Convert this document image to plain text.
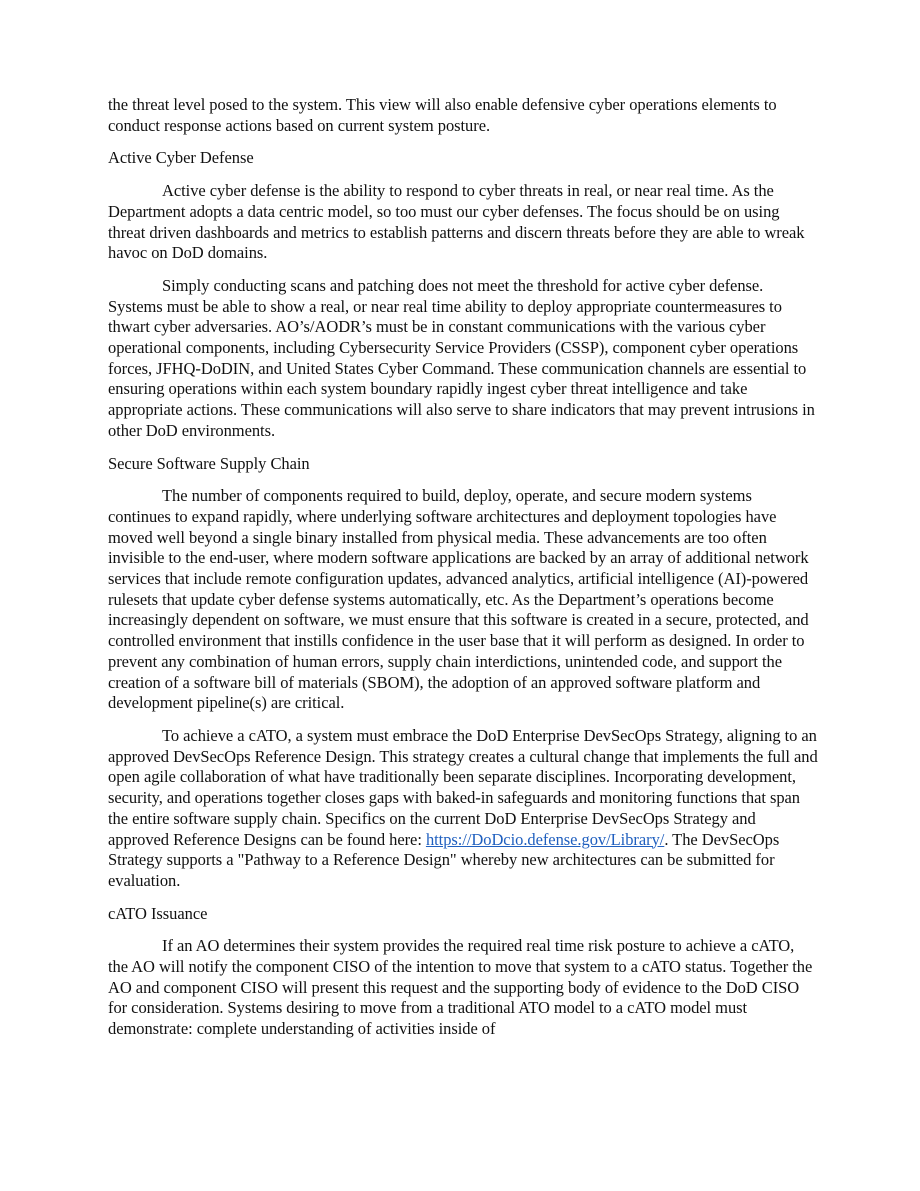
the threat level posed to the system. This view will also enable defensive cyber operations elements to conduct response actions based on current system posture.

Active Cyber Defense

Active cyber defense is the ability to respond to cyber threats in real, or near real time. As the Department adopts a data centric model, so too must our cyber defenses. The focus should be on using threat driven dashboards and metrics to establish patterns and discern threats before they are able to wreak havoc on DoD domains.

Simply conducting scans and patching does not meet the threshold for active cyber defense. Systems must be able to show a real, or near real time ability to deploy appropriate countermeasures to thwart cyber adversaries. AO’s/AODR’s must be in constant communications with the various cyber operational components, including Cybersecurity Service Providers (CSSP), component cyber operations forces, JFHQ-DoDIN, and United States Cyber Command. These communication channels are essential to ensuring operations within each system boundary rapidly ingest cyber threat intelligence and take appropriate actions. These communications will also serve to share indicators that may prevent intrusions in other DoD environments.

Secure Software Supply Chain

The number of components required to build, deploy, operate, and secure modern systems continues to expand rapidly, where underlying software architectures and deployment topologies have moved well beyond a single binary installed from physical media. These advancements are too often invisible to the end-user, where modern software applications are backed by an array of additional network services that include remote configuration updates, advanced analytics, artificial intelligence (AI)-powered rulesets that update cyber defense systems automatically, etc. As the Department’s operations become increasingly dependent on software, we must ensure that this software is created in a secure, protected, and controlled environment that instills confidence in the user base that it will perform as designed. In order to prevent any combination of human errors, supply chain interdictions, unintended code, and support the creation of a software bill of materials (SBOM), the adoption of an approved software platform and development pipeline(s) are critical.

To achieve a cATO, a system must embrace the DoD Enterprise DevSecOps Strategy, aligning to an approved DevSecOps Reference Design. This strategy creates a cultural change that implements the full and open agile collaboration of what have traditionally been separate disciplines. Incorporating development, security, and operations together closes gaps with baked-in safeguards and monitoring functions that span the entire software supply chain. Specifics on the current DoD Enterprise DevSecOps Strategy and approved Reference Designs can be found here: https://DoDcio.defense.gov/Library/. The DevSecOps Strategy supports a "Pathway to a Reference Design" whereby new architectures can be submitted for evaluation.

cATO Issuance

If an AO determines their system provides the required real time risk posture to achieve a cATO, the AO will notify the component CISO of the intention to move that system to a cATO status. Together the AO and component CISO will present this request and the supporting body of evidence to the DoD CISO for consideration. Systems desiring to move from a traditional ATO model to a cATO model must demonstrate: complete understanding of activities inside of
